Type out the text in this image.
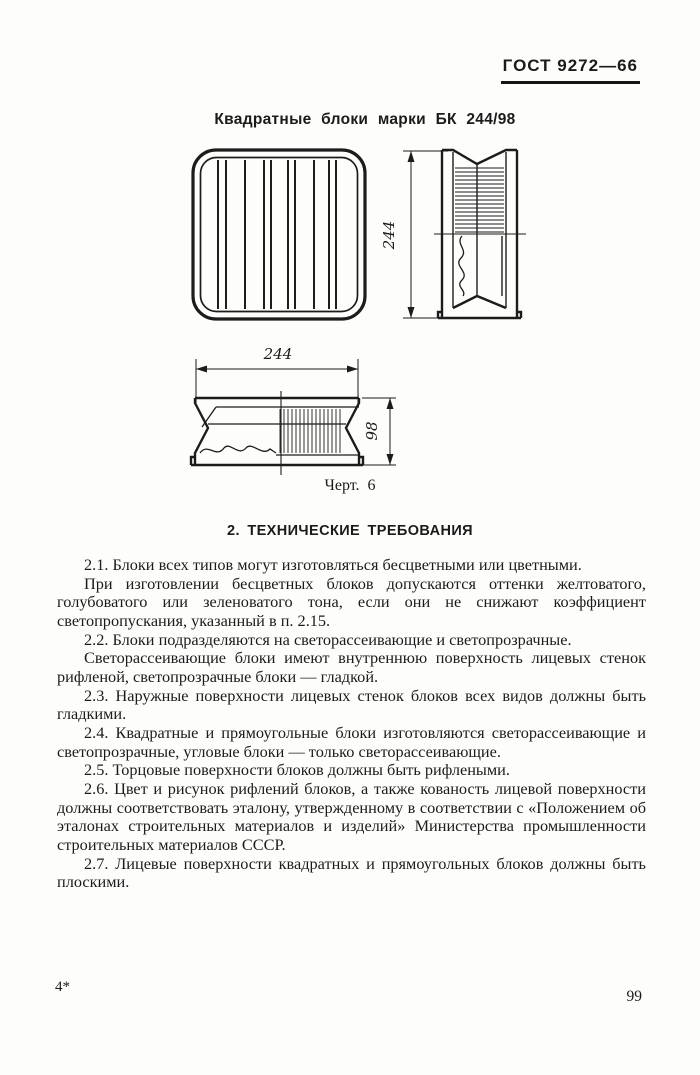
ГОСТ 9272—66
Квадратные блоки марки БК 244/98
244
244
98
Черт. 6
2. ТЕХНИЧЕСКИЕ ТРЕБОВАНИЯ

2.1. Блоки всех типов могут изготовляться бесцветными или цветными.

При изготовлении бесцветных блоков допускаются оттенки желтоватого, голубоватого или зеленоватого тона, если они не снижают коэффициент светопропускания, указанный в п. 2.15.

2.2. Блоки подразделяются на светорассеивающие и светопрозрачные.

Светорассеивающие блоки имеют внутреннюю поверхность лицевых стенок рифленой, светопрозрачные блоки — гладкой.

2.3. Наружные поверхности лицевых стенок блоков всех видов должны быть гладкими.

2.4. Квадратные и прямоугольные блоки изготовляются светорассеивающие и светопрозрачные, угловые блоки — только светорассеивающие.

2.5. Торцовые поверхности блоков должны быть рифлеными.

2.6. Цвет и рисунок рифлений блоков, а также кованость лицевой поверхности должны соответствовать эталону, утвержденному в соответствии с «Положением об эталонах строительных материалов и изделий» Министерства промышленности строительных материалов СССР.

2.7. Лицевые поверхности квадратных и прямоугольных блоков должны быть плоскими.

4*
99
